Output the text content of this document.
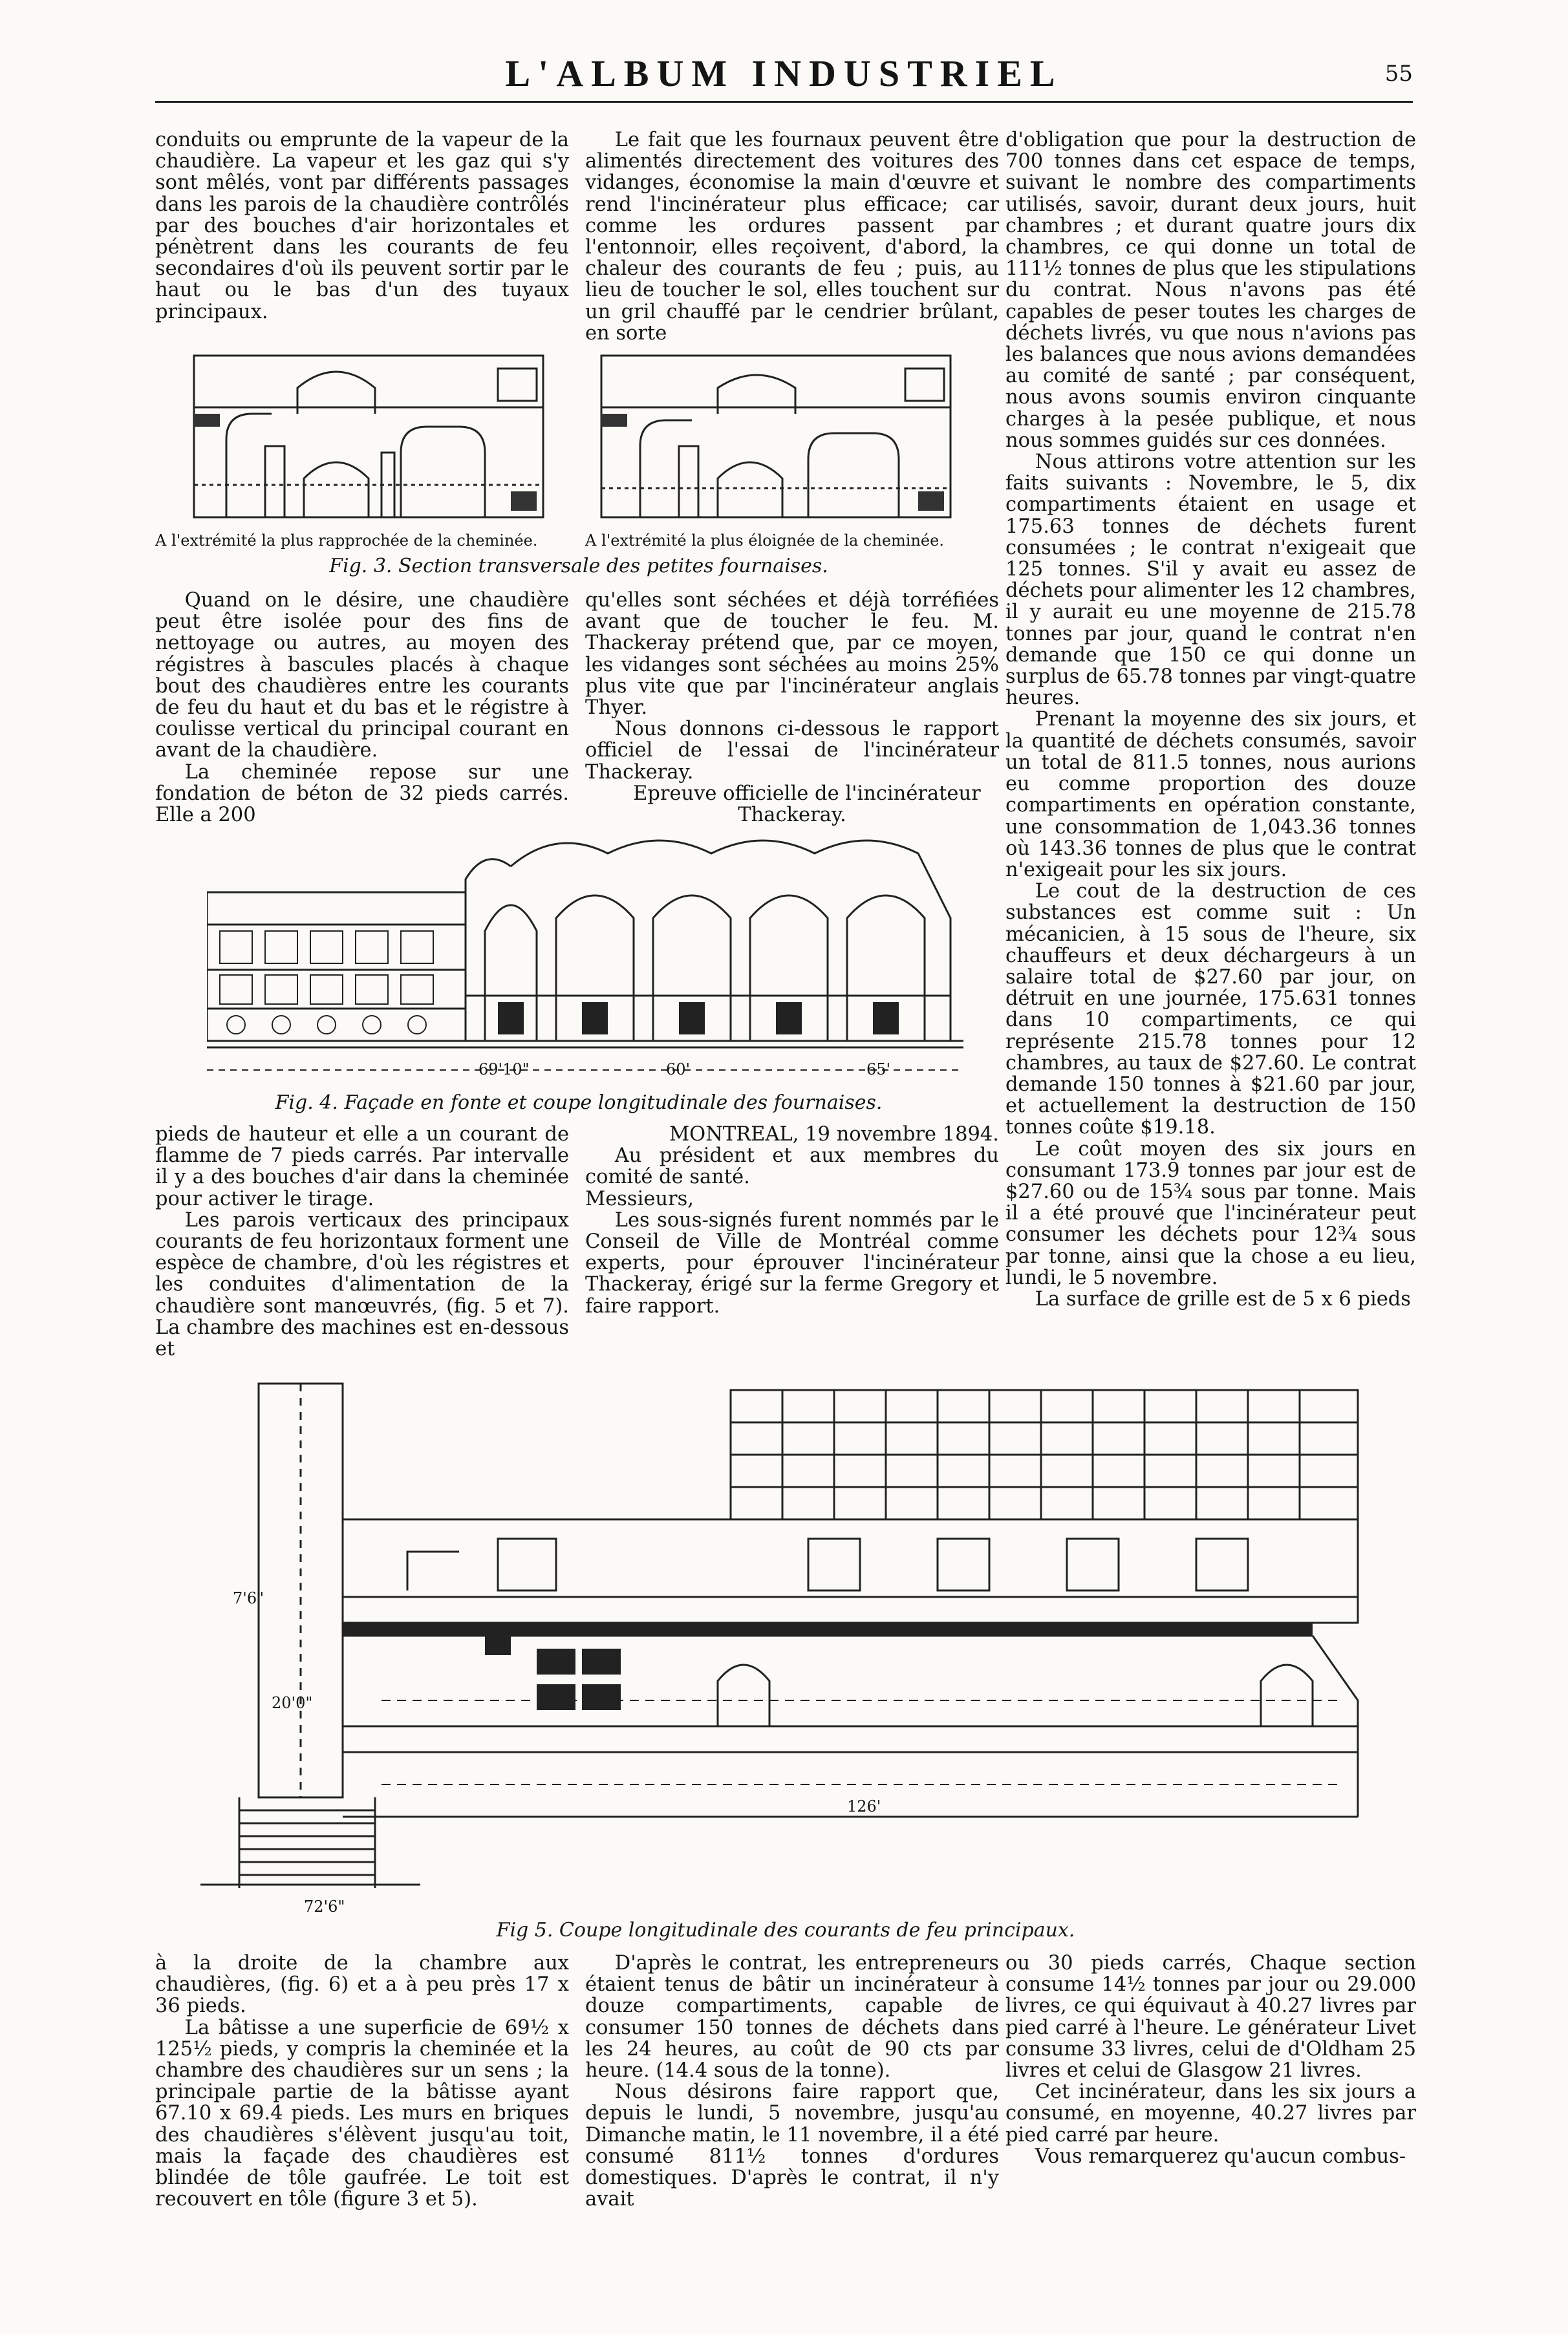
L'ALBUM INDUSTRIEL	55

conduits ou emprunte de la vapeur de la chaudière. La vapeur et les gaz qui s'y sont mêlés, vont par différents passages dans les parois de la chaudière contrôlés par des bouches d'air horizontales et pénètrent dans les courants de feu secondaires d'où ils peuvent sortir par le haut ou le bas d'un des tuyaux principaux.

Le fait que les fournaux peuvent être alimentés directement des voitures des vidanges, économise la main d'œuvre et rend l'incinérateur plus efficace; car comme les ordures passent par l'entonnoir, elles reçoivent, d'abord, la chaleur des courants de feu ; puis, au lieu de toucher le sol, elles touchent sur un gril chauffé par le cendrier brûlant, en sorte

d'obligation que pour la destruction de 700 tonnes dans cet espace de temps, suivant le nombre des compartiments utilisés, savoir, durant deux jours, huit chambres ; et durant quatre jours dix chambres, ce qui donne un total de 111½ tonnes de plus que les stipulations du contrat. Nous n'avons pas été capables de peser toutes les charges de déchets livrés, vu que nous n'avions pas les balances que nous avions demandées au comité de santé ; par conséquent, nous avons soumis environ cinquante charges à la pesée publique, et nous nous sommes guidés sur ces données.

Nous attirons votre attention sur les faits suivants : Novembre, le 5, dix compartiments étaient en usage et 175.63 tonnes de déchets furent consumées ; le contrat n'exigeait que 125 tonnes. S'il y avait eu assez de déchets pour alimenter les 12 chambres, il y aurait eu une moyenne de 215.78 tonnes par jour, quand le contrat n'en demande que 150 ce qui donne un surplus de 65.78 tonnes par vingt-quatre heures.

Prenant la moyenne des six jours, et la quantité de déchets consumés, savoir un total de 811.5 tonnes, nous aurions eu comme proportion des douze compartiments en opération constante, une consommation de 1,043.36 tonnes où 143.36 tonnes de plus que le contrat n'exigeait pour les six jours.

Le cout de la destruction de ces substances est comme suit : Un mécanicien, à 15 sous de l'heure, six chauffeurs et deux déchargeurs à un salaire total de $27.60 par jour, on détruit en une journée, 175.631 tonnes dans 10 compartiments, ce qui représente 215.78 tonnes pour 12 chambres, au taux de $27.60. Le contrat demande 150 tonnes à $21.60 par jour, et actuellement la destruction de 150 tonnes coûte $19.18.

Le coût moyen des six jours en consumant 173.9 tonnes par jour est de $27.60 ou de 15¾ sous par tonne. Mais il a été prouvé que l'incinérateur peut consumer les déchets pour 12¾ sous par tonne, ainsi que la chose a eu lieu, lundi, le 5 novembre.

La surface de grille est de 5 x 6 pieds

A l'extrémité la plus rapprochée de la cheminée.	A l'extrémité la plus éloignée de la cheminée.
Fig. 3. Section transversale des petites fournaises.

Quand on le désire, une chaudière peut être isolée pour des fins de nettoyage ou autres, au moyen des régistres à bascules placés à chaque bout des chaudières entre les courants de feu du haut et du bas et le régistre à coulisse vertical du principal courant en avant de la chaudière.

La cheminée repose sur une fondation de béton de 32 pieds carrés. Elle a 200

qu'elles sont séchées et déjà torréfiées avant que de toucher le feu. M. Thackeray prétend que, par ce moyen, les vidanges sont séchées au moins 25% plus vite que par l'incinérateur anglais Thyer.

Nous donnons ci-dessous le rapport officiel de l'essai de l'incinérateur Thackeray.

Epreuve officielle de l'incinérateur Thackeray.

69'10"	60'	65'
Fig. 4. Façade en fonte et coupe longitudinale des fournaises.

pieds de hauteur et elle a un courant de flamme de 7 pieds carrés. Par intervalle il y a des bouches d'air dans la cheminée pour activer le tirage.

Les parois verticaux des principaux courants de feu horizontaux forment une espèce de chambre, d'où les régistres et les conduites d'alimentation de la chaudière sont manœuvrés, (fig. 5 et 7). La chambre des machines est en-dessous et

MONTREAL, 19 novembre 1894.

Au président et aux membres du comité de santé.

Messieurs,

Les sous-signés furent nommés par le Conseil de Ville de Montréal comme experts, pour éprouver l'incinérateur Thackeray, érigé sur la ferme Gregory et faire rapport.

7'6"
20'0"
126'
72'6"
Fig 5. Coupe longitudinale des courants de feu principaux.

à la droite de la chambre aux chaudières, (fig. 6) et a à peu près 17 x 36 pieds.

La bâtisse a une superficie de 69½ x 125½ pieds, y compris la cheminée et la chambre des chaudières sur un sens ; la principale partie de la bâtisse ayant 67.10 x 69.4 pieds. Les murs en briques des chaudières s'élèvent jusqu'au toit, mais la façade des chaudières est blindée de tôle gaufrée. Le toit est recouvert en tôle (figure 3 et 5).

D'après le contrat, les entrepreneurs étaient tenus de bâtir un incinérateur à douze compartiments, capable de consumer 150 tonnes de déchets dans les 24 heures, au coût de 90 cts par heure. (14.4 sous de la tonne).

Nous désirons faire rapport que, depuis le lundi, 5 novembre, jusqu'au Dimanche matin, le 11 novembre, il a été consumé 811½ tonnes d'ordures domestiques. D'après le contrat, il n'y avait

ou 30 pieds carrés, Chaque section consume 14½ tonnes par jour ou 29.000 livres, ce qui équivaut à 40.27 livres par pied carré à l'heure. Le générateur Livet consume 33 livres, celui de d'Oldham 25 livres et celui de Glasgow 21 livres.

Cet incinérateur, dans les six jours a consumé, en moyenne, 40.27 livres par pied carré par heure.

Vous remarquerez qu'aucun combus-
